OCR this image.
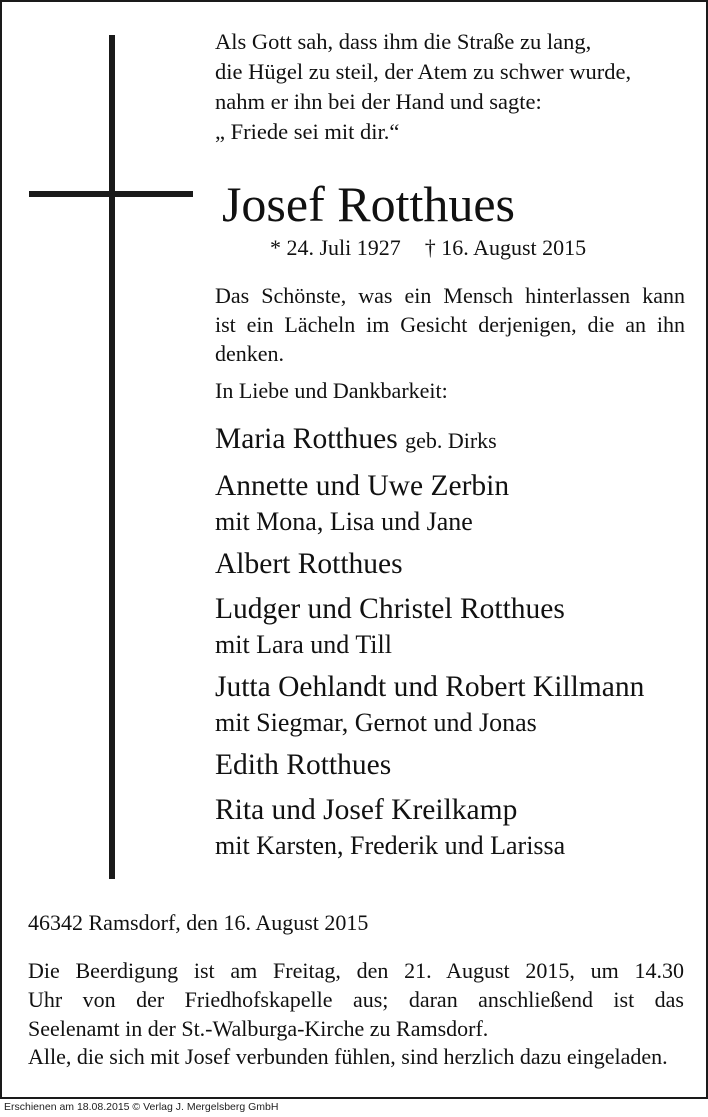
Als Gott sah, dass ihm die Straße zu lang,
die Hügel zu steil, der Atem zu schwer wurde,
nahm er ihn bei der Hand und sagte:
„ Friede sei mit dir.“
Josef Rotthues
* 24. Juli 1927 † 16. August 2015
Das Schönste, was ein Mensch hinterlassen kann
ist ein Lächeln im Gesicht derjenigen, die an ihn
denken.
In Liebe und Dankbarkeit:
Maria Rotthues geb. Dirks
Annette und Uwe Zerbin
mit Mona, Lisa und Jane
Albert Rotthues
Ludger und Christel Rotthues
mit Lara und Till
Jutta Oehlandt und Robert Killmann
mit Siegmar, Gernot und Jonas
Edith Rotthues
Rita und Josef Kreilkamp
mit Karsten, Frederik und Larissa
46342 Ramsdorf, den 16. August 2015
Die Beerdigung ist am Freitag, den 21. August 2015, um 14.30
Uhr von der Friedhofskapelle aus; daran anschließend ist das
Seelenamt in der St.-Walburga-Kirche zu Ramsdorf.
Alle, die sich mit Josef verbunden fühlen, sind herzlich dazu eingeladen.
Erschienen am 18.08.2015 © Verlag J. Mergelsberg GmbH
